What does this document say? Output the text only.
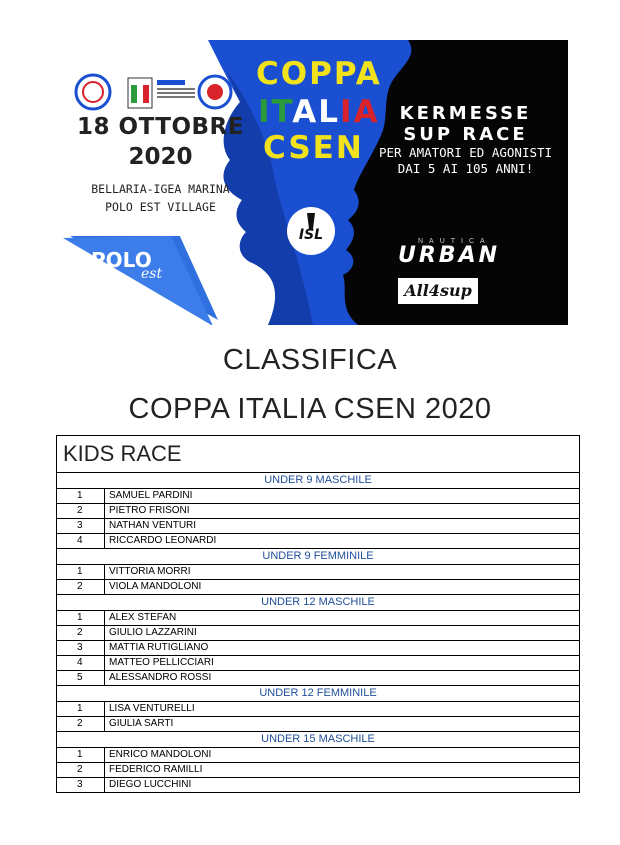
18 OTTOBRE
2020
BELLARIA-IGEA MARINA
POLO EST VILLAGE
POLO
est
COPPA
ITALIA
CSEN
KERMESSE
SUP RACE
PER AMATORI ED AGONISTI
DAI 5 AI 105 ANNI!
ISL	NAUTICA
URBAN
All4sup
CLASSIFICA
COPPA ITALIA CSEN 2020
KIDS RACE
UNDER 9 MASCHILE
1	SAMUEL PARDINI
2	PIETRO FRISONI
3	NATHAN VENTURI
4	RICCARDO LEONARDI
UNDER 9 FEMMINILE
1	VITTORIA MORRI
2	VIOLA MANDOLONI
UNDER 12 MASCHILE
1	ALEX STEFAN
2	GIULIO LAZZARINI
3	MATTIA RUTIGLIANO
4	MATTEO PELLICCIARI
5	ALESSANDRO ROSSI
UNDER 12 FEMMINILE
1	LISA VENTURELLI
2	GIULIA SARTI
UNDER 15 MASCHILE
1	ENRICO MANDOLONI
2	FEDERICO RAMILLI
3	DIEGO LUCCHINI
